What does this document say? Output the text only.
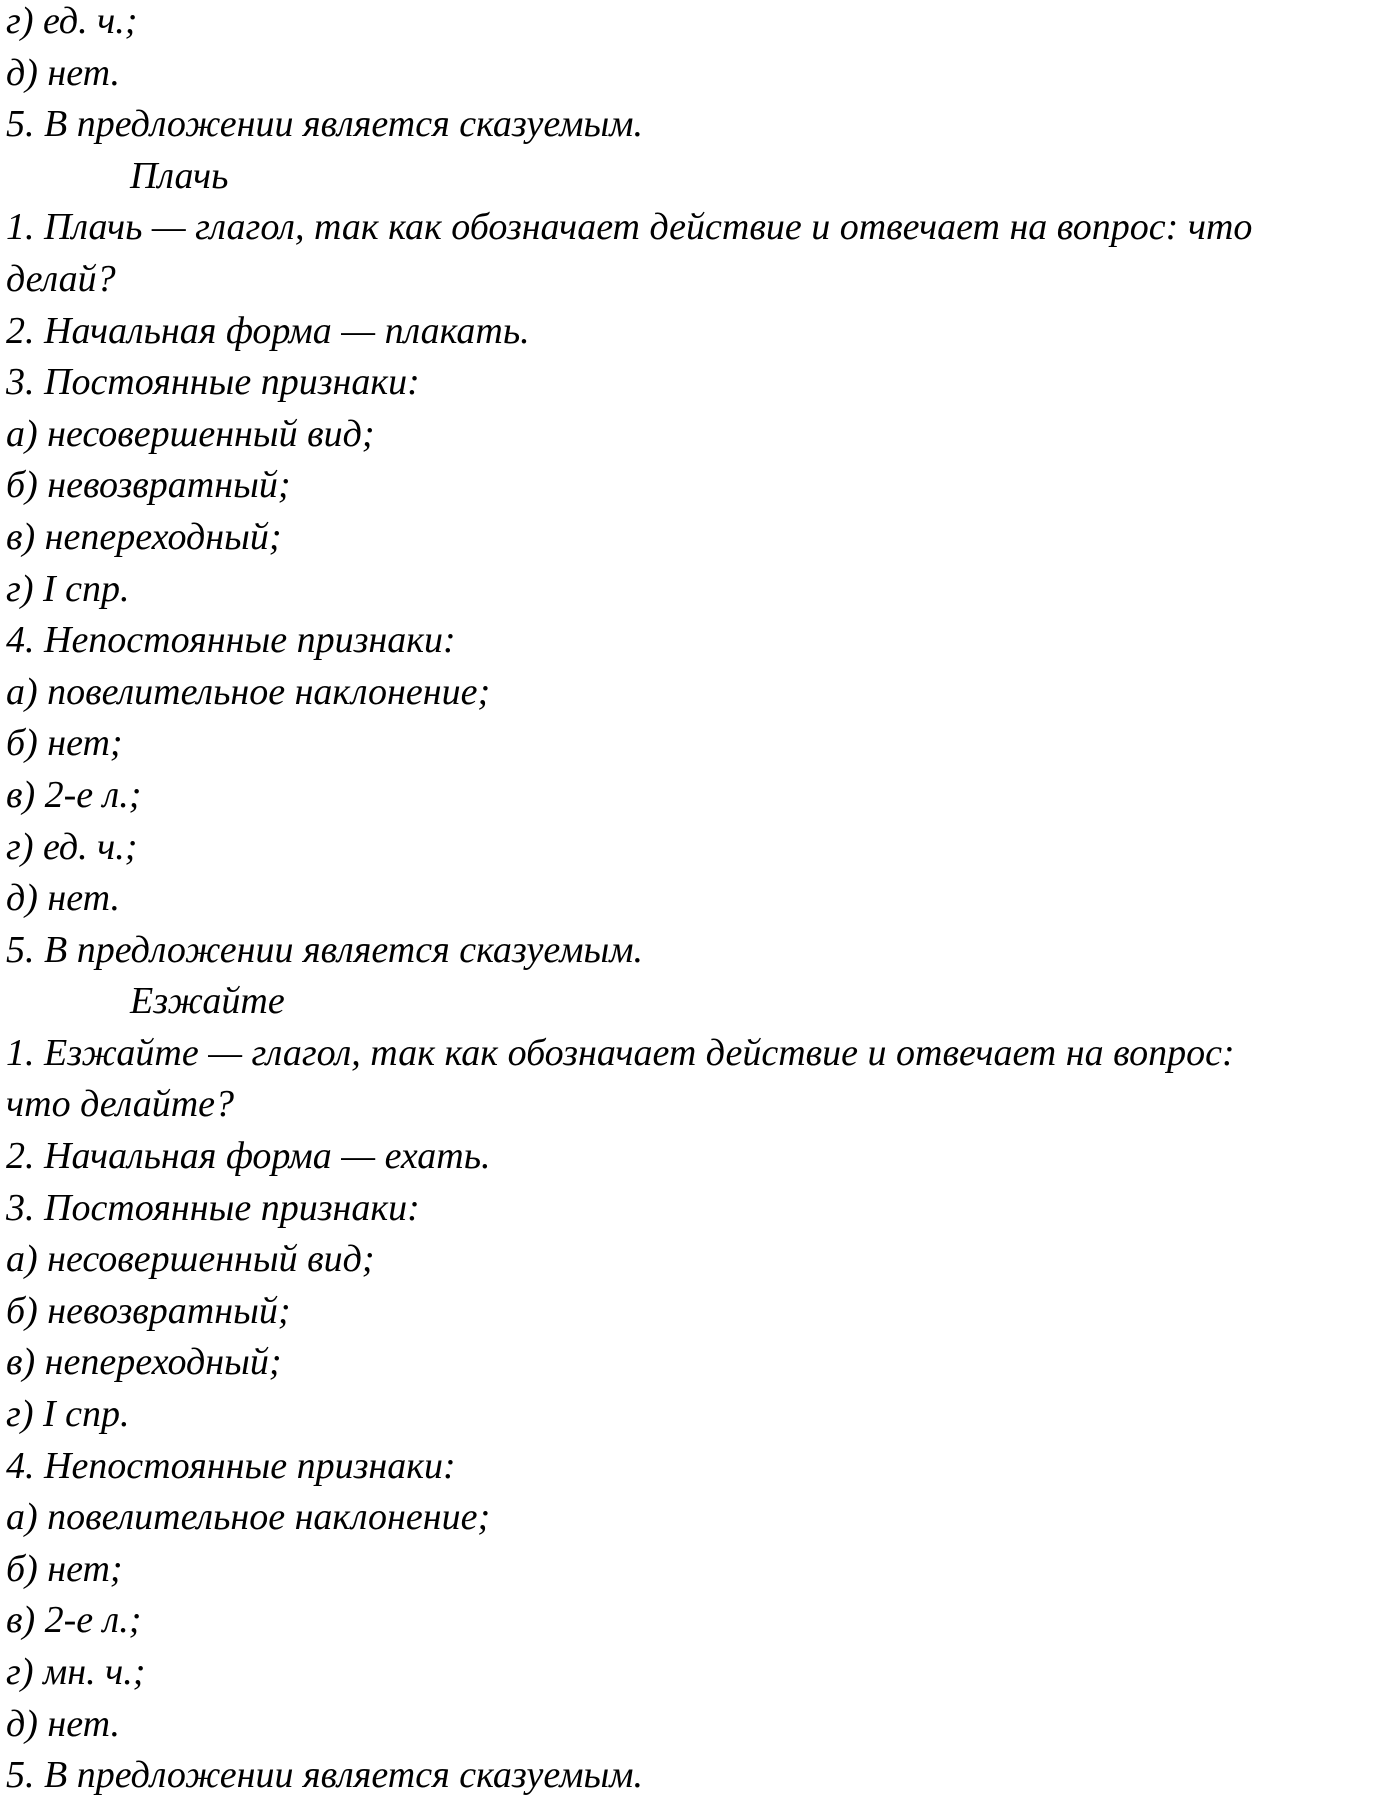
г) ед. ч.;
д) нет.
5. В предложении является сказуемым.
Плачь
1. Плачь — глагол, так как обозначает действие и отвечает на вопрос: что
делай?
2. Начальная форма — плакать.
3. Постоянные признаки:
а) несовершенный вид;
б) невозвратный;
в) непереходный;
г) I спр.
4. Непостоянные признаки:
а) повелительное наклонение;
б) нет;
в) 2-е л.;
г) ед. ч.;
д) нет.
5. В предложении является сказуемым.
Езжайте
1. Езжайте — глагол, так как обозначает действие и отвечает на вопрос:
что делайте?
2. Начальная форма — ехать.
3. Постоянные признаки:
а) несовершенный вид;
б) невозвратный;
в) непереходный;
г) I спр.
4. Непостоянные признаки:
а) повелительное наклонение;
б) нет;
в) 2-е л.;
г) мн. ч.;
д) нет.
5. В предложении является сказуемым.
